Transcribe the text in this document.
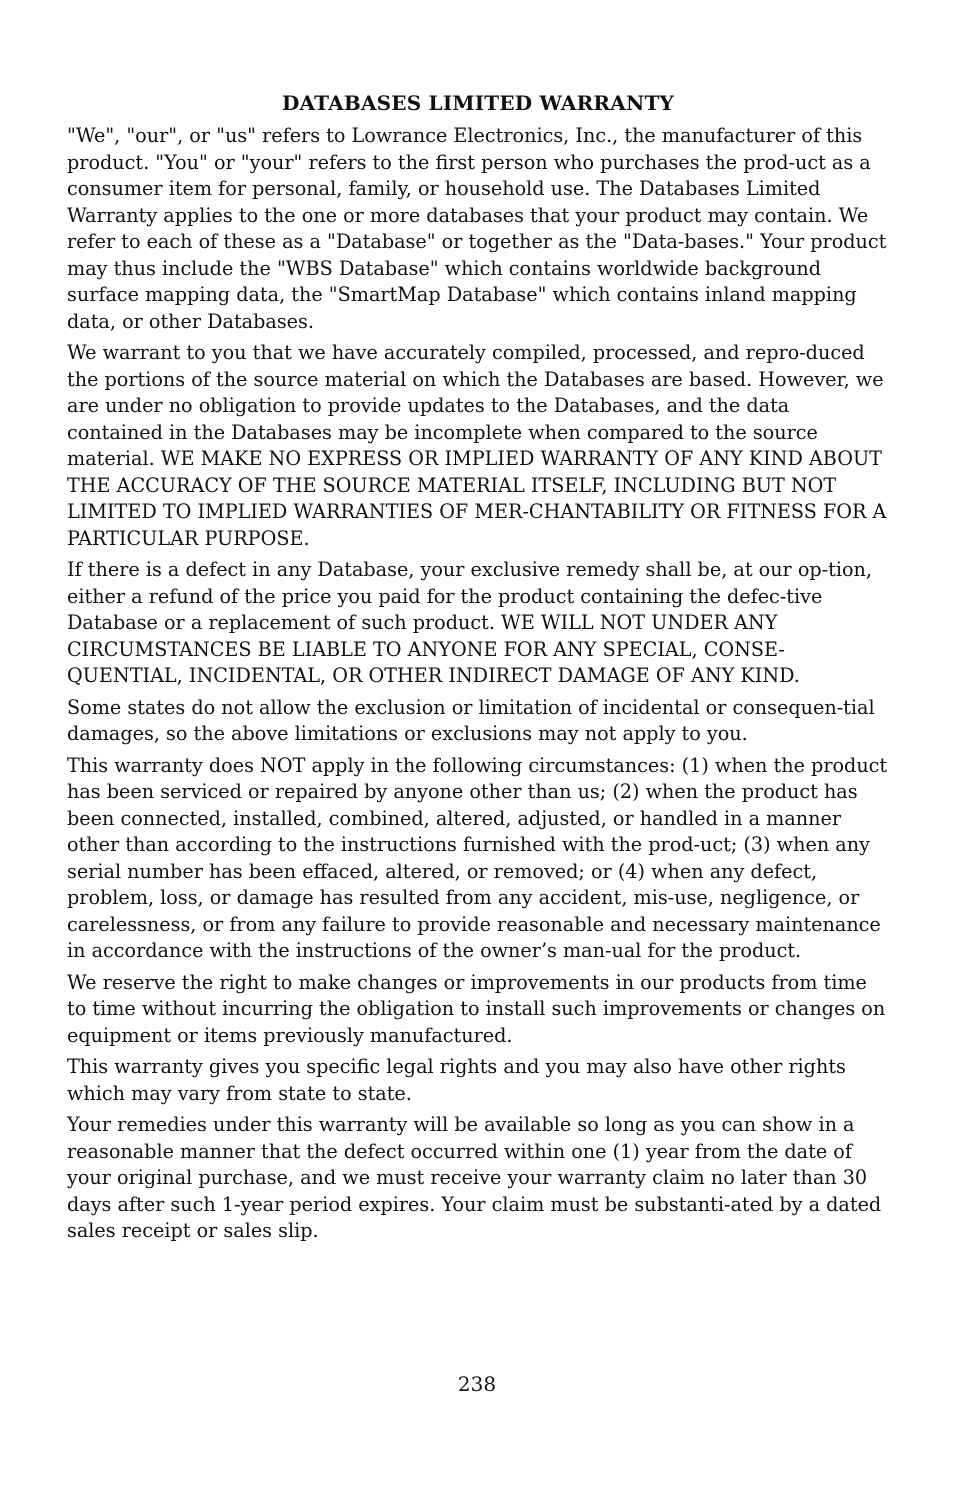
DATABASES LIMITED WARRANTY

"We", "our", or "us" refers to Lowrance Electronics, Inc., the manufacturer of this product. "You" or "your" refers to the first person who purchases the prod-uct as a consumer item for personal, family, or household use. The Databases Limited Warranty applies to the one or more databases that your product may contain. We refer to each of these as a "Database" or together as the "Data-bases." Your product may thus include the "WBS Database" which contains worldwide background surface mapping data, the "SmartMap Database" which contains inland mapping data, or other Databases.

We warrant to you that we have accurately compiled, processed, and repro-duced the portions of the source material on which the Databases are based. However, we are under no obligation to provide updates to the Databases, and the data contained in the Databases may be incomplete when compared to the source material. WE MAKE NO EXPRESS OR IMPLIED WARRANTY OF ANY KIND ABOUT THE ACCURACY OF THE SOURCE MATERIAL ITSELF, INCLUDING BUT NOT LIMITED TO IMPLIED WARRANTIES OF MER-CHANTABILITY OR FITNESS FOR A PARTICULAR PURPOSE.

If there is a defect in any Database, your exclusive remedy shall be, at our op-tion, either a refund of the price you paid for the product containing the defec-tive Database or a replacement of such product. WE WILL NOT UNDER ANY CIRCUMSTANCES BE LIABLE TO ANYONE FOR ANY SPECIAL, CONSE-QUENTIAL, INCIDENTAL, OR OTHER INDIRECT DAMAGE OF ANY KIND.

Some states do not allow the exclusion or limitation of incidental or consequen-tial damages, so the above limitations or exclusions may not apply to you.

This warranty does NOT apply in the following circumstances: (1) when the product has been serviced or repaired by anyone other than us; (2) when the product has been connected, installed, combined, altered, adjusted, or handled in a manner other than according to the instructions furnished with the prod-uct; (3) when any serial number has been effaced, altered, or removed; or (4) when any defect, problem, loss, or damage has resulted from any accident, mis-use, negligence, or carelessness, or from any failure to provide reasonable and necessary maintenance in accordance with the instructions of the owner’s man-ual for the product.

We reserve the right to make changes or improvements in our products from time to time without incurring the obligation to install such improvements or changes on equipment or items previously manufactured.

This warranty gives you specific legal rights and you may also have other rights which may vary from state to state.

Your remedies under this warranty will be available so long as you can show in a reasonable manner that the defect occurred within one (1) year from the date of your original purchase, and we must receive your warranty claim no later than 30 days after such 1-year period expires. Your claim must be substanti-ated by a dated sales receipt or sales slip.

238
